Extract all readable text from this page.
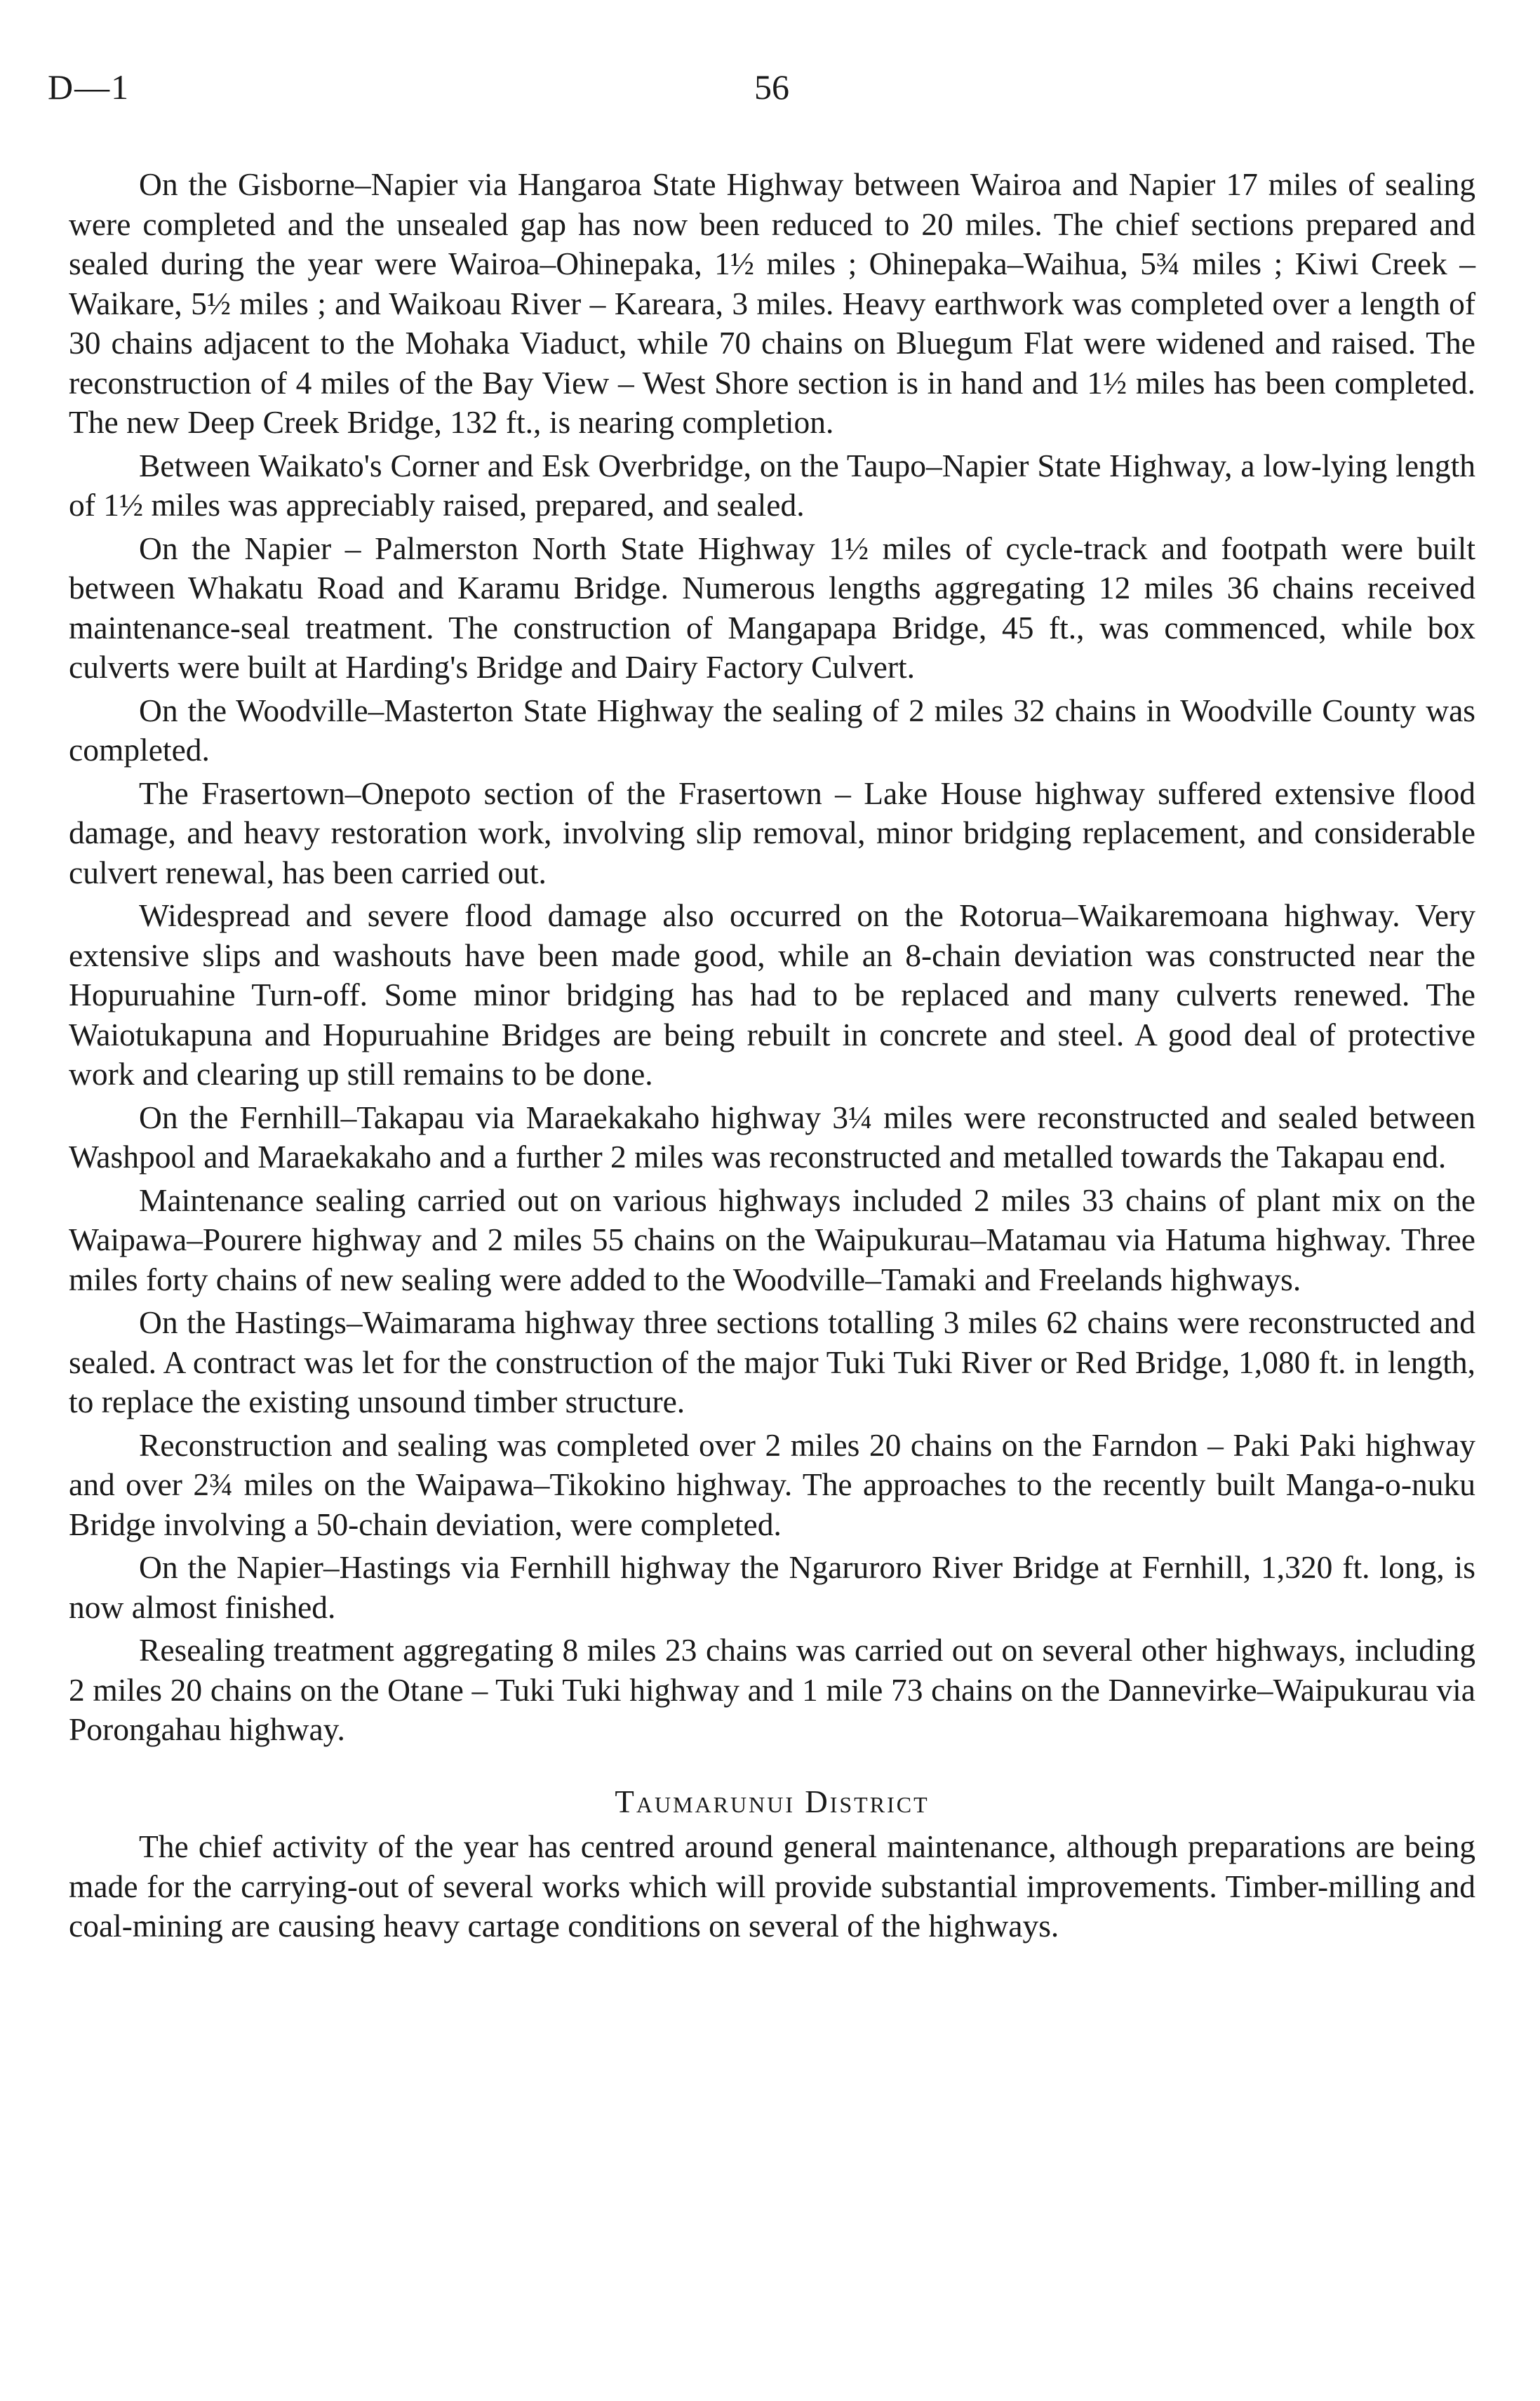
D—1	56

On the Gisborne–Napier via Hangaroa State Highway between Wairoa and Napier 17 miles of sealing were completed and the unsealed gap has now been reduced to 20 miles. The chief sections prepared and sealed during the year were Wairoa–Ohinepaka, 1½ miles ; Ohinepaka–Waihua, 5¾ miles ; Kiwi Creek – Waikare, 5½ miles ; and Waikoau River – Kareara, 3 miles. Heavy earthwork was completed over a length of 30 chains adjacent to the Mohaka Viaduct, while 70 chains on Bluegum Flat were widened and raised. The reconstruction of 4 miles of the Bay View – West Shore section is in hand and 1½ miles has been completed. The new Deep Creek Bridge, 132 ft., is nearing completion.

Between Waikato's Corner and Esk Overbridge, on the Taupo–Napier State Highway, a low-lying length of 1½ miles was appreciably raised, prepared, and sealed.

On the Napier – Palmerston North State Highway 1½ miles of cycle-track and footpath were built between Whakatu Road and Karamu Bridge. Numerous lengths aggregating 12 miles 36 chains received maintenance-seal treatment. The construction of Mangapapa Bridge, 45 ft., was commenced, while box culverts were built at Harding's Bridge and Dairy Factory Culvert.

On the Woodville–Masterton State Highway the sealing of 2 miles 32 chains in Woodville County was completed.

The Frasertown–Onepoto section of the Frasertown – Lake House highway suffered extensive flood damage, and heavy restoration work, involving slip removal, minor bridging replacement, and considerable culvert renewal, has been carried out.

Widespread and severe flood damage also occurred on the Rotorua–Waikaremoana highway. Very extensive slips and washouts have been made good, while an 8-chain deviation was constructed near the Hopuruahine Turn-off. Some minor bridging has had to be replaced and many culverts renewed. The Waiotukapuna and Hopuruahine Bridges are being rebuilt in concrete and steel. A good deal of protective work and clearing up still remains to be done.

On the Fernhill–Takapau via Maraekakaho highway 3¼ miles were reconstructed and sealed between Washpool and Maraekakaho and a further 2 miles was reconstructed and metalled towards the Takapau end.

Maintenance sealing carried out on various highways included 2 miles 33 chains of plant mix on the Waipawa–Pourere highway and 2 miles 55 chains on the Waipukurau–Matamau via Hatuma highway. Three miles forty chains of new sealing were added to the Woodville–Tamaki and Freelands highways.

On the Hastings–Waimarama highway three sections totalling 3 miles 62 chains were reconstructed and sealed. A contract was let for the construction of the major Tuki Tuki River or Red Bridge, 1,080 ft. in length, to replace the existing unsound timber structure.

Reconstruction and sealing was completed over 2 miles 20 chains on the Farndon – Paki Paki highway and over 2¾ miles on the Waipawa–Tikokino highway. The approaches to the recently built Manga-o-nuku Bridge involving a 50-chain deviation, were completed.

On the Napier–Hastings via Fernhill highway the Ngaruroro River Bridge at Fernhill, 1,320 ft. long, is now almost finished.

Resealing treatment aggregating 8 miles 23 chains was carried out on several other highways, including 2 miles 20 chains on the Otane – Tuki Tuki highway and 1 mile 73 chains on the Dannevirke–Waipukurau via Porongahau highway.

Taumarunui District

The chief activity of the year has centred around general maintenance, although preparations are being made for the carrying-out of several works which will provide substantial improvements. Timber-milling and coal-mining are causing heavy cartage conditions on several of the highways.
